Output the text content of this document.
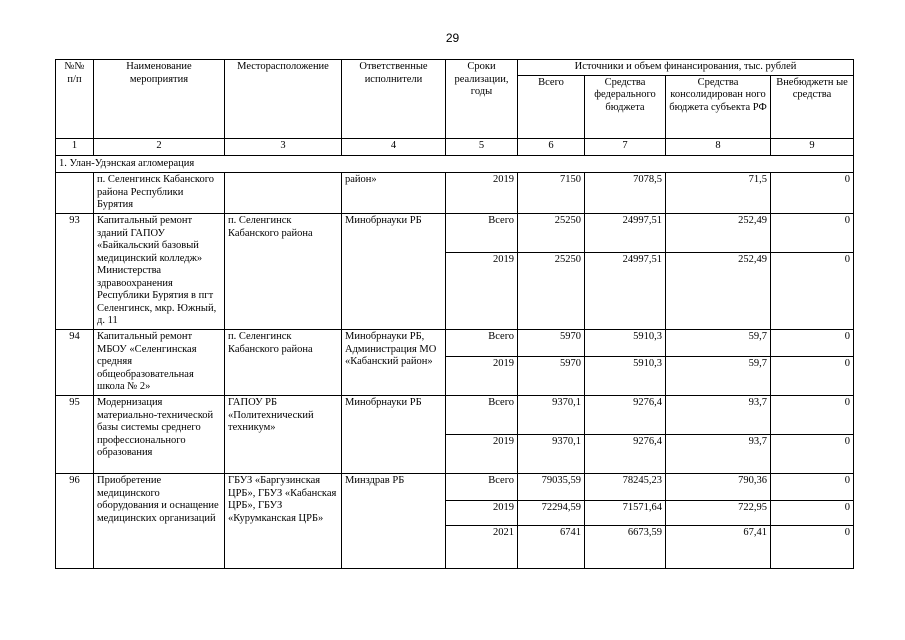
29
№№ п/п	Наименование мероприятия	Месторасположение	Ответственные исполнители	Сроки реализации, годы	Источники и объем финансирования, тыс. рублей			
					Всего	Средства федерального бюджета	Средства консолидирован ного бюджета субъекта РФ	Внебюджетн ые средства
1	2	3	4	5	6	7	8	9
1. Улан-Удэнская агломерация								
	п. Селенгинск Кабанского района Республики Бурятия		район»	2019	7150	7078,5	71,5	0
93	Капитальный ремонт зданий ГАПОУ «Байкальский базовый медицинский колледж» Министерства здравоохранения Республики Бурятия в пгт Селенгинск, мкр. Южный, д. 11	п. Селенгинск Кабанского района	Минобрнауки РБ	Всего	25250	24997,51	252,49	0
				2019	25250	24997,51	252,49	0
94	Капитальный ремонт МБОУ «Селенгинская средняя общеобразовательная школа № 2»	п. Селенгинск Кабанского района	Минобрнауки РБ, Администрация МО «Кабанский район»	Всего	5970	5910,3	59,7	0
				2019	5970	5910,3	59,7	0
95	Модернизация материально-технической базы системы среднего профессионального образования	ГАПОУ РБ «Политехнический техникум»	Минобрнауки РБ	Всего	9370,1	9276,4	93,7	0
				2019	9370,1	9276,4	93,7	0
96	Приобретение медицинского оборудования и оснащение медицинских организаций	ГБУЗ «Баргузинская ЦРБ», ГБУЗ «Кабанская ЦРБ», ГБУЗ «Курумканская ЦРБ»	Минздрав РБ	Всего	79035,59	78245,23	790,36	0
				2019	72294,59	71571,64	722,95	0
				2021	6741	6673,59	67,41	0
